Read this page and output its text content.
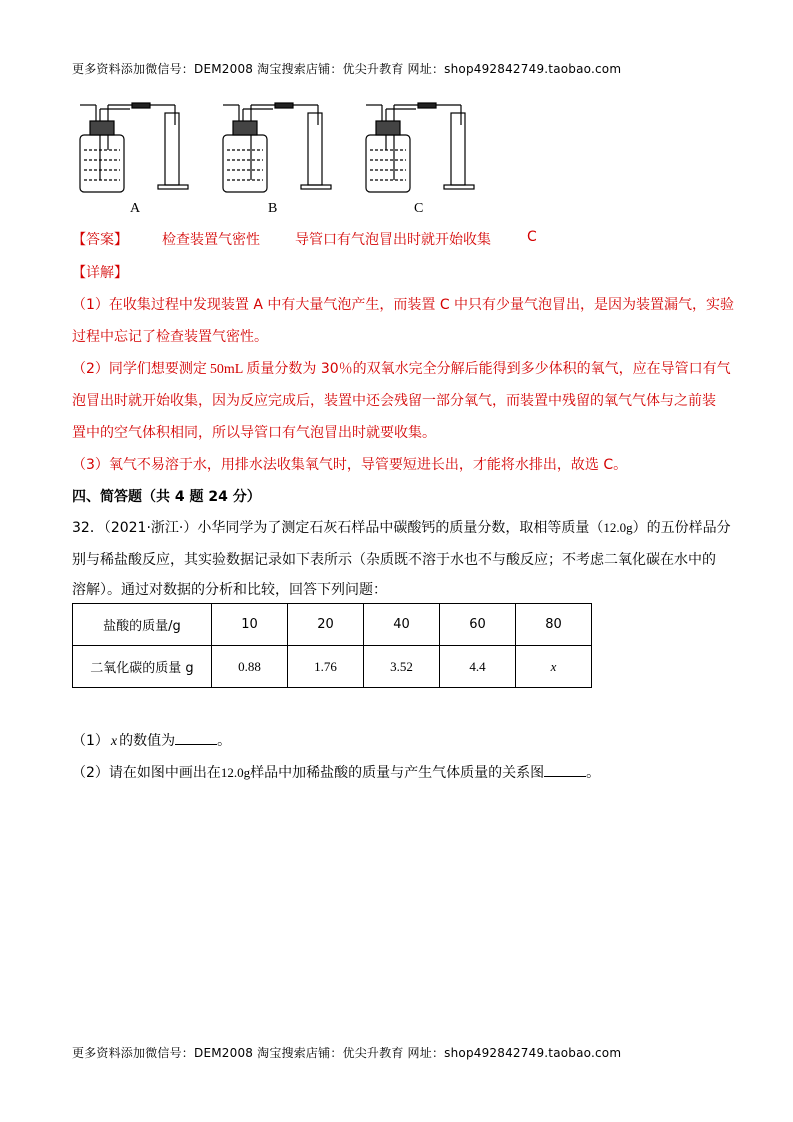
更多资料添加微信号：DEM2008 淘宝搜索店铺：优尖升教育 网址：shop492842749.taobao.com
A	B	C
【答案】 检查装置气密性	导管口有气泡冒出时就开始收集	C
【详解】
（1）在收集过程中发现装置 A 中有大量气泡产生，而装置 C 中只有少量气泡冒出，是因为装置漏气，实验
过程中忘记了检查装置气密性。
（2）同学们想要测定 50mL 质量分数为 30％的双氧水完全分解后能得到多少体积的氧气，应在导管口有气
泡冒出时就开始收集，因为反应完成后，装置中还会残留一部分氧气，而装置中残留的氧气气体与之前装
置中的空气体积相同，所以导管口有气泡冒出时就要收集。
（3）氧气不易溶于水，用排水法收集氧气时，导管要短进长出，才能将水排出，故选 C。
四、简答题（共 4 题 24 分）
32．（2021·浙江·）小华同学为了测定石灰石样品中碳酸钙的质量分数，取相等质量（12.0g）的五份样品分
别与稀盐酸反应，其实验数据记录如下表所示（杂质既不溶于水也不与酸反应；不考虑二氧化碳在水中的
溶解）。通过对数据的分析和比较，回答下列问题：
盐酸的质量/g	10	20	40	60	80
二氧化碳的质量 g	0.88	1.76	3.52	4.4	x
（1） x 的数值为	。
（2）请在如图中画出在12.0g样品中加稀盐酸的质量与产生气体质量的关系图	。
更多资料添加微信号：DEM2008 淘宝搜索店铺：优尖升教育 网址：shop492842749.taobao.com
